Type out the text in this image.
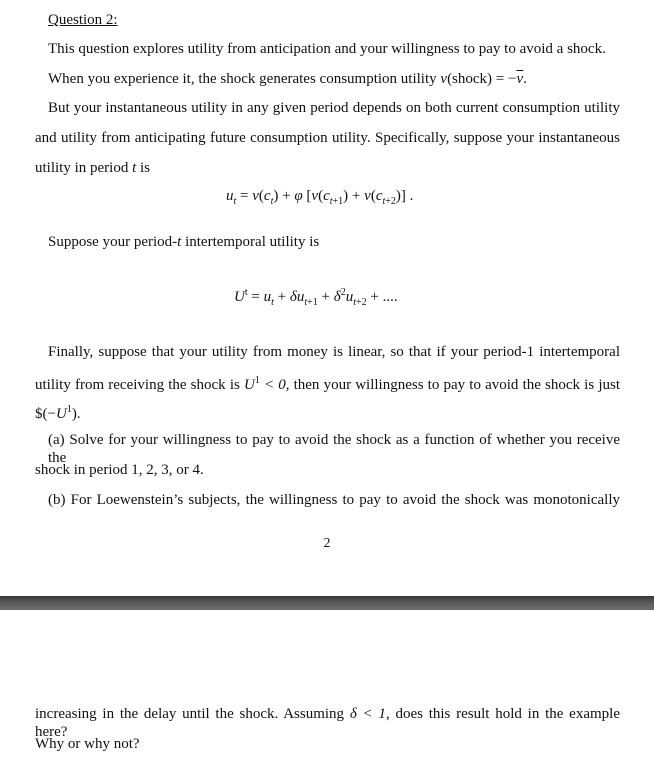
Question 2:
This question explores utility from anticipation and your willingness to pay to avoid a shock.
When you experience it, the shock generates consumption utility v(shock) = $-\overline{v}$.
But your instantaneous utility in any given period depends on both current consumption utility
and utility from anticipating future consumption utility. Specifically, suppose your instantaneous
utility in period t is
$u_t = v(c_t) + \varphi$ $[v(c_{t+1}) + v(c_{t+2})]$ .
Suppose your period-t intertemporal utility is
$U^t = u_t + \delta u_{t+1} + \delta^2u_{t+2}$ + ....
Finally, suppose that your utility from money is linear, so that if your period-1 intertemporal
utility from receiving the shock is $U^1 < 0$, then your willingness to pay to avoid the shock is just
$\$(-U^1)$.
(a) Solve for your willingness to pay to avoid the shock as a function of whether you receive the
shock in period 1, 2, 3, or 4.
(b) For Loewenstein’s subjects, the willingness to pay to avoid the shock was monotonically
2
increasing in the delay until the shock. Assuming δ < 1, does this result hold in the example here?
Why or why not?
